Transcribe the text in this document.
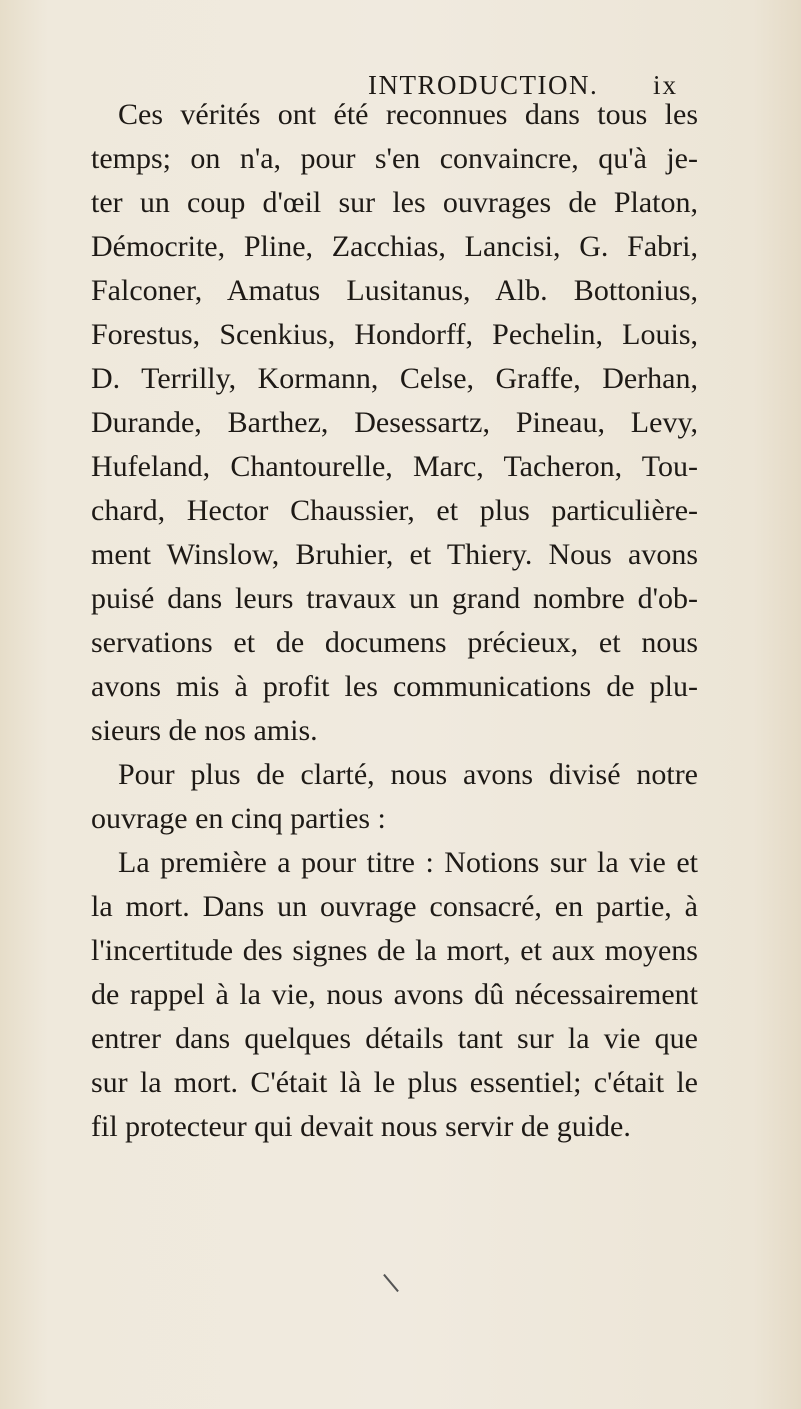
INTRODUCTION. ix
Ces vérités ont été reconnues dans tous les
temps; on n'a, pour s'en convaincre, qu'à je-
ter un coup d'œil sur les ouvrages de Platon,
Démocrite, Pline, Zacchias, Lancisi, G. Fabri,
Falconer, Amatus Lusitanus, Alb. Bottonius,
Forestus, Scenkius, Hondorff, Pechelin, Louis,
D. Terrilly, Kormann, Celse, Graffe, Derhan,
Durande, Barthez, Desessartz, Pineau, Levy,
Hufeland, Chantourelle, Marc, Tacheron, Tou-
chard, Hector Chaussier, et plus particulière-
ment Winslow, Bruhier, et Thiery. Nous avons
puisé dans leurs travaux un grand nombre d'ob-
servations et de documens précieux, et nous
avons mis à profit les communications de plu-
sieurs de nos amis.
Pour plus de clarté, nous avons divisé notre
ouvrage en cinq parties :
La première a pour titre : Notions sur la vie et
la mort. Dans un ouvrage consacré, en partie, à
l'incertitude des signes de la mort, et aux moyens
de rappel à la vie, nous avons dû nécessairement
entrer dans quelques détails tant sur la vie que
sur la mort. C'était là le plus essentiel; c'était le
fil protecteur qui devait nous servir de guide.
